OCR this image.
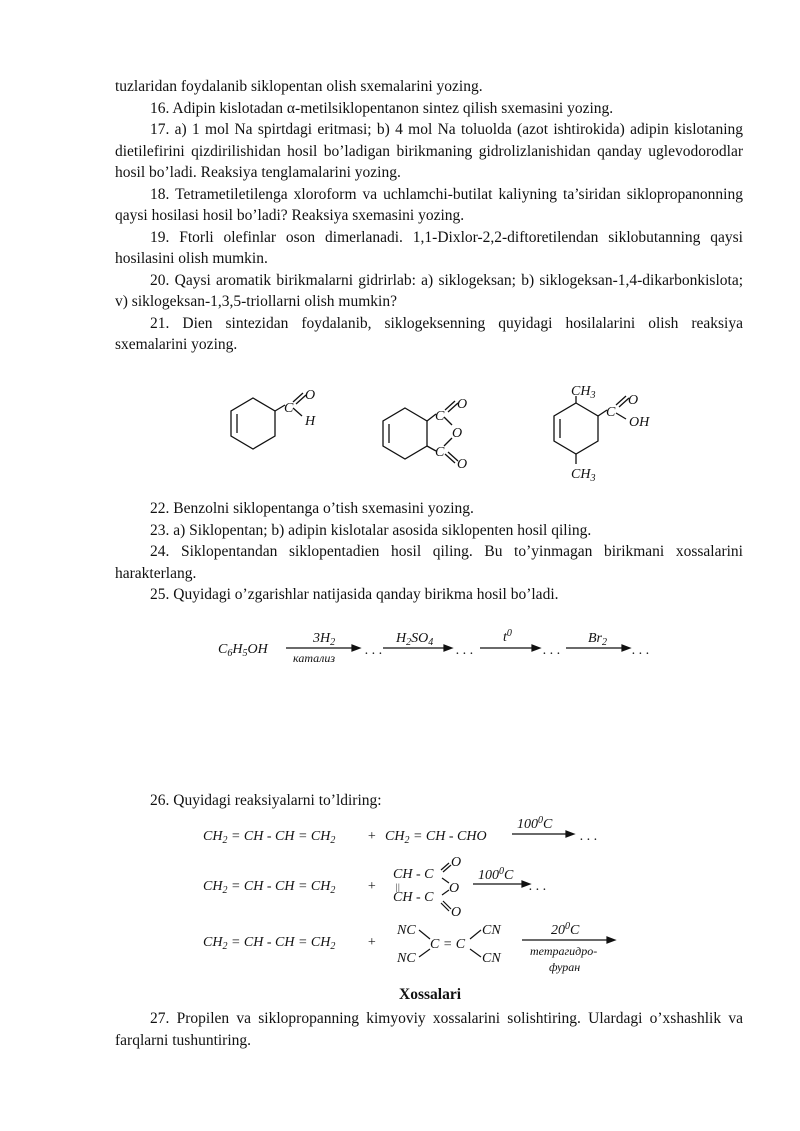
tuzlaridan foydalanib siklopentan olish sxemalarini yozing.

16. Adipin kislotadan α-metilsiklopentanon sintez qilish sxemasini yozing.

17. a) 1 mol Na spirtdagi eritmasi; b) 4 mol Na toluolda (azot ishtirokida) adipin kislotaning dietilefirini qizdirilishidan hosil bo’ladigan birikmaning gidrolizlanishidan qanday uglevodorodlar hosil bo’ladi. Reaksiya tenglamalarini yozing.

18. Tetrametiletilenga xloroform va uchlamchi-butilat kaliyning ta’siridan siklopropanonning qaysi hosilasi hosil bo’ladi? Reaksiya sxemasini yozing.

19. Ftorli olefinlar oson dimerlanadi. 1,1-Dixlor-2,2-diftoretilendan siklobutanning qaysi hosilasini olish mumkin.

20. Qaysi aromatik birikmalarni gidrirlab: a) siklogeksan; b) siklogeksan-1,4-dikarbonkislota; v) siklogeksan-1,3,5-triollarni olish mumkin?

21. Dien sintezidan foydalanib, siklogeksenning quyidagi hosilalarini olish reaksiya sxemalarini yozing.

C
O
H	C
O
O
C
O
$CH_3$
C
O
OH
$CH_3$

22. Benzolni siklopentanga o’tish sxemasini yozing.

23. a) Siklopentan; b) adipin kislotalar asosida siklopenten hosil qiling.

24. Siklopentandan siklopentadien hosil qiling. Bu to’yinmagan birikmani xossalarini harakterlang.

25. Quyidagi o’zgarishlar natijasida qanday birikma hosil bo’ladi.

$C_6H_5OH$
$3H_2$
катализ . . .
$H_2SO_4$
. . .
$t^0$
. . .
$Br_2$
. . .

26. Quyidagi reaksiyalarni to’ldiring:

$CH_2$ = CH - CH = $CH_2 + CH_2$ = CH - CHO
$100^0C$
. . .
$CH_2$ = CH - CH = $CH_2$ +
CH - C
||
CH - C
O
O
O
$100^0C$
. . .
$CH_2$ = CH - CH = $CH_2$ +
NC
NC
C = C
CN
CN
$20^0C$
тетрагидро-
фуран
Xossalari

27. Propilen va siklopropanning kimyoviy xossalarini solishtiring. Ulardagi o’xshashlik va farqlarni tushuntiring.
